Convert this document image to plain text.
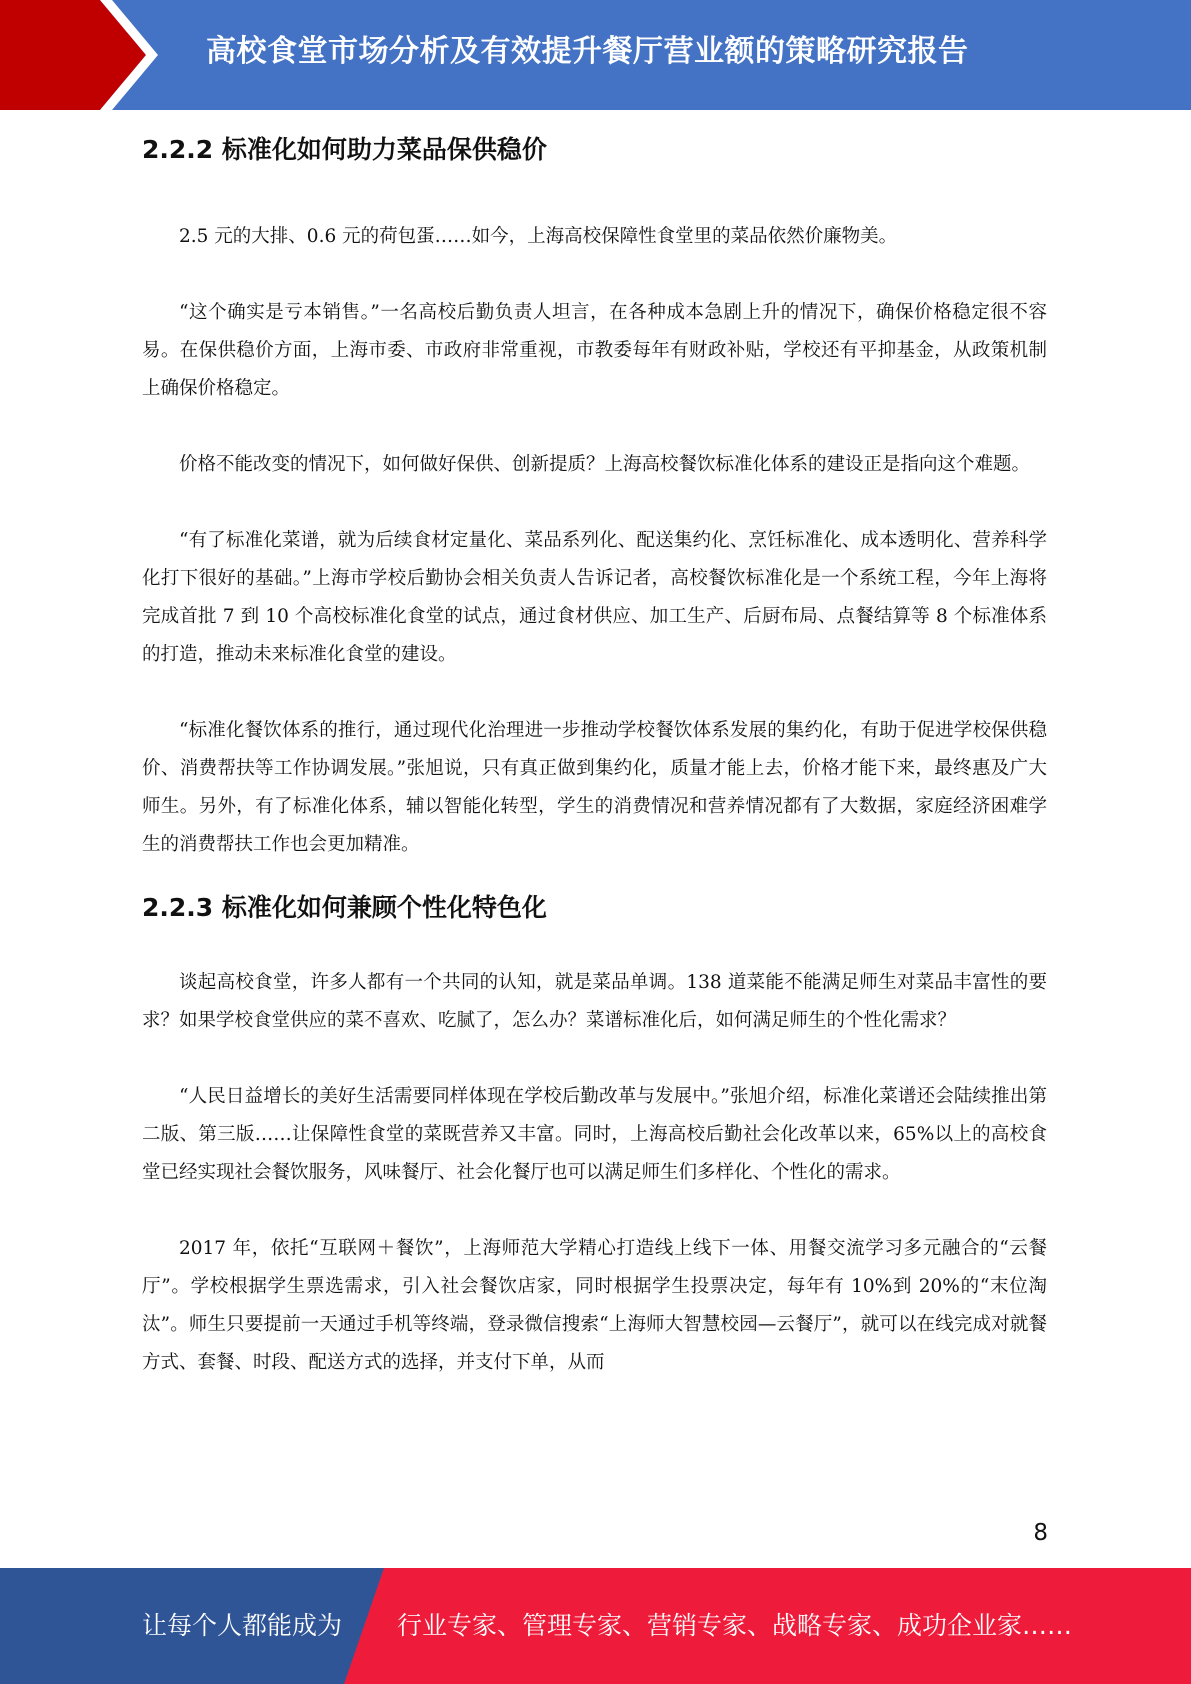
高校食堂市场分析及有效提升餐厅营业额的策略研究报告
2.2.2 标准化如何助力菜品保供稳价

2.5 元的大排、0.6 元的荷包蛋……如今，上海高校保障性食堂里的菜品依然价廉物美。

“这个确实是亏本销售。”一名高校后勤负责人坦言，在各种成本急剧上升的情况下，确保价格稳定很不容易。在保供稳价方面，上海市委、市政府非常重视，市教委每年有财政补贴，学校还有平抑基金，从政策机制上确保价格稳定。

价格不能改变的情况下，如何做好保供、创新提质？上海高校餐饮标准化体系的建设正是指向这个难题。

“有了标准化菜谱，就为后续食材定量化、菜品系列化、配送集约化、烹饪标准化、成本透明化、营养科学化打下很好的基础。”上海市学校后勤协会相关负责人告诉记者，高校餐饮标准化是一个系统工程，今年上海将完成首批 7 到 10 个高校标准化食堂的试点，通过食材供应、加工生产、后厨布局、点餐结算等 8 个标准体系的打造，推动未来标准化食堂的建设。

“标准化餐饮体系的推行，通过现代化治理进一步推动学校餐饮体系发展的集约化，有助于促进学校保供稳价、消费帮扶等工作协调发展。”张旭说，只有真正做到集约化，质量才能上去，价格才能下来，最终惠及广大师生。另外，有了标准化体系，辅以智能化转型，学生的消费情况和营养情况都有了大数据，家庭经济困难学生的消费帮扶工作也会更加精准。

2.2.3 标准化如何兼顾个性化特色化

谈起高校食堂，许多人都有一个共同的认知，就是菜品单调。138 道菜能不能满足师生对菜品丰富性的要求？如果学校食堂供应的菜不喜欢、吃腻了，怎么办？菜谱标准化后，如何满足师生的个性化需求？

“人民日益增长的美好生活需要同样体现在学校后勤改革与发展中。”张旭介绍，标准化菜谱还会陆续推出第二版、第三版……让保障性食堂的菜既营养又丰富。同时，上海高校后勤社会化改革以来，65%以上的高校食堂已经实现社会餐饮服务，风味餐厅、社会化餐厅也可以满足师生们多样化、个性化的需求。

2017 年，依托“互联网＋餐饮”，上海师范大学精心打造线上线下一体、用餐交流学习多元融合的“云餐厅”。学校根据学生票选需求，引入社会餐饮店家，同时根据学生投票决定，每年有 10%到 20%的“末位淘汰”。师生只要提前一天通过手机等终端，登录微信搜索“上海师大智慧校园—云餐厅”，就可以在线完成对就餐方式、套餐、时段、配送方式的选择，并支付下单，从而

8
让每个人都能成为 行业专家、管理专家、营销专家、战略专家、成功企业家……
